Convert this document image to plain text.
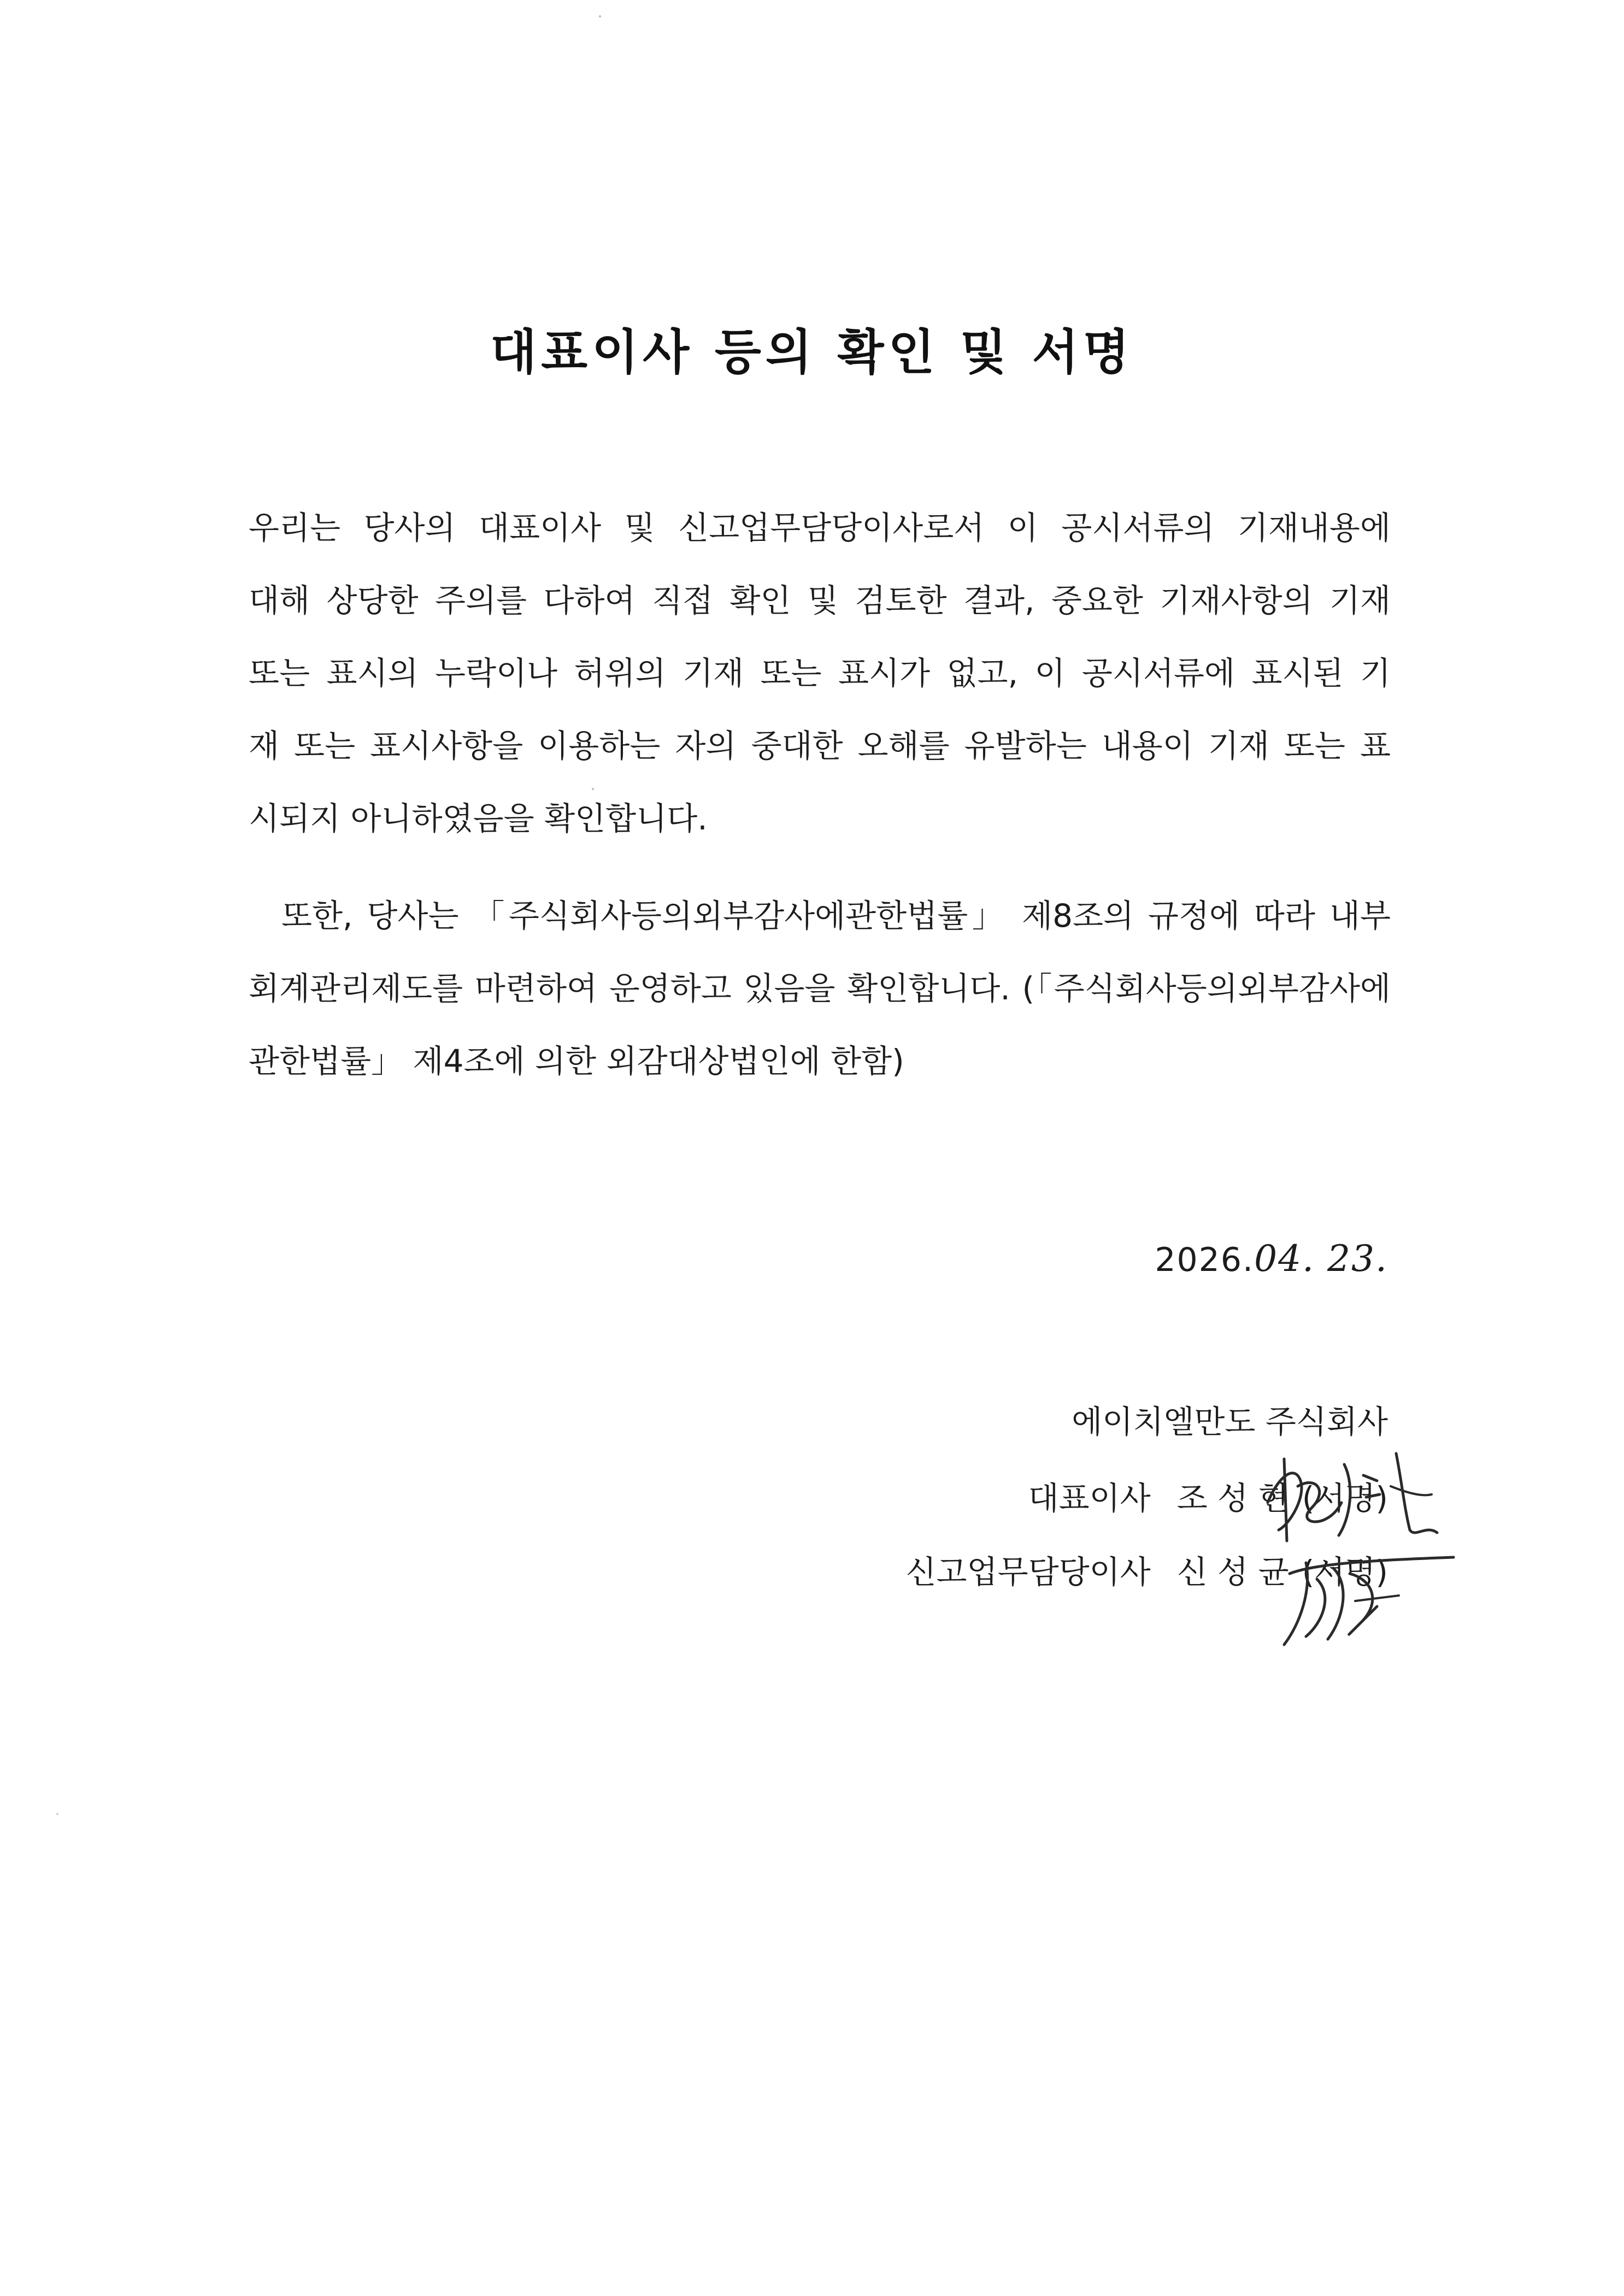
대표이사 등의 확인 및 서명
우리는 당사의 대표이사 및 신고업무담당이사로서 이 공시서류의 기재내용에
대해 상당한 주의를 다하여 직접 확인 및 검토한 결과, 중요한 기재사항의 기재
또는 표시의 누락이나 허위의 기재 또는 표시가 없고, 이 공시서류에 표시된 기
재 또는 표시사항을 이용하는 자의 중대한 오해를 유발하는 내용이 기재 또는 표
시되지 아니하였음을 확인합니다.
또한, 당사는 「주식회사등의외부감사에관한법률」 제8조의 규정에 따라 내부
회계관리제도를 마련하여 운영하고 있음을 확인합니다. (「주식회사등의외부감사에
관한법률」 제4조에 의한 외감대상법인에 한함)
2026.04. 23.
에이치엘만도 주식회사
대표이사 조 성 현 (서명)
신고업무담당이사 신 성 균 (서명)
